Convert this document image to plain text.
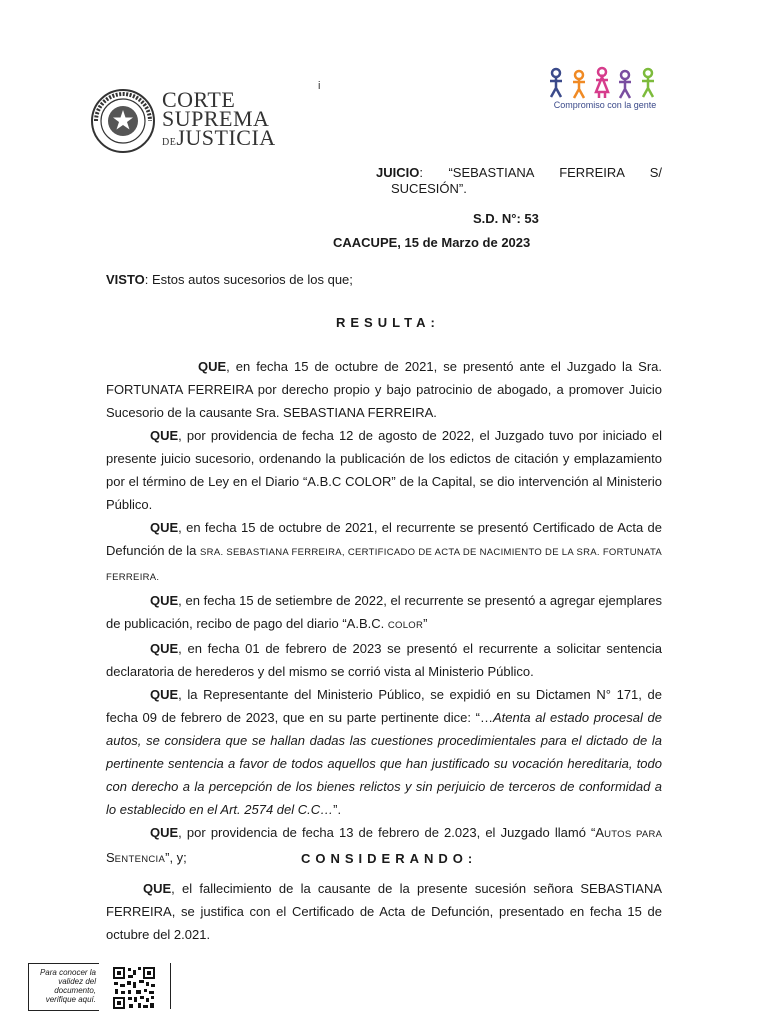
i
CORTE
SUPREMA
DEJUSTICIA
Compromiso con la gente
JUICIO: “SEBASTIANA FERREIRA S/
SUCESIÓN”.
S.D. N°: 53
CAACUPE, 15 de Marzo de 2023
VISTO: Estos autos sucesorios de los que;
RESULTA:

QUE, en fecha 15 de octubre de 2021, se presentó ante el Juzgado la Sra. FORTUNATA FERREIRA por derecho propio y bajo patrocinio de abogado, a promover Juicio Sucesorio de la causante Sra. SEBASTIANA FERREIRA.

QUE, por providencia de fecha 12 de agosto de 2022, el Juzgado tuvo por iniciado el presente juicio sucesorio, ordenando la publicación de los edictos de citación y emplazamiento por el término de Ley en el Diario “A.B.C COLOR” de la Capital, se dio intervención al Ministerio Público.

QUE, en fecha 15 de octubre de 2021, el recurrente se presentó Certificado de Acta de Defunción de la SRA. SEBASTIANA FERREIRA, CERTIFICADO DE ACTA DE NACIMIENTO DE LA SRA. FORTUNATA FERREIRA.

QUE, en fecha 15 de setiembre de 2022, el recurrente se presentó a agregar ejemplares de publicación, recibo de pago del diario “A.B.C. COLOR”

QUE, en fecha 01 de febrero de 2023 se presentó el recurrente a solicitar sentencia declaratoria de herederos y del mismo se corrió vista al Ministerio Público.

QUE, la Representante del Ministerio Público, se expidió en su Dictamen N° 171, de fecha 09 de febrero de 2023, que en su parte pertinente dice: “…Atenta al estado procesal de autos, se considera que se hallan dadas las cuestiones procedimientales para el dictado de la pertinente sentencia a favor de todos aquellos que han justificado su vocación hereditaria, todo con derecho a la percepción de los bienes relictos y sin perjuicio de terceros de conformidad a lo establecido en el Art. 2574 del C.C…”.

QUE, por providencia de fecha 13 de febrero de 2.023, el Juzgado llamó “AUTOS PARA SENTENCIA”, y;	CONSIDERANDO:

QUE, el fallecimiento de la causante de la presente sucesión señora SEBASTIANA FERREIRA, se justifica con el Certificado de Acta de Defunción, presentado en fecha 15 de octubre del 2.021.

Para conocer la validez del documento, verifique aquí.
